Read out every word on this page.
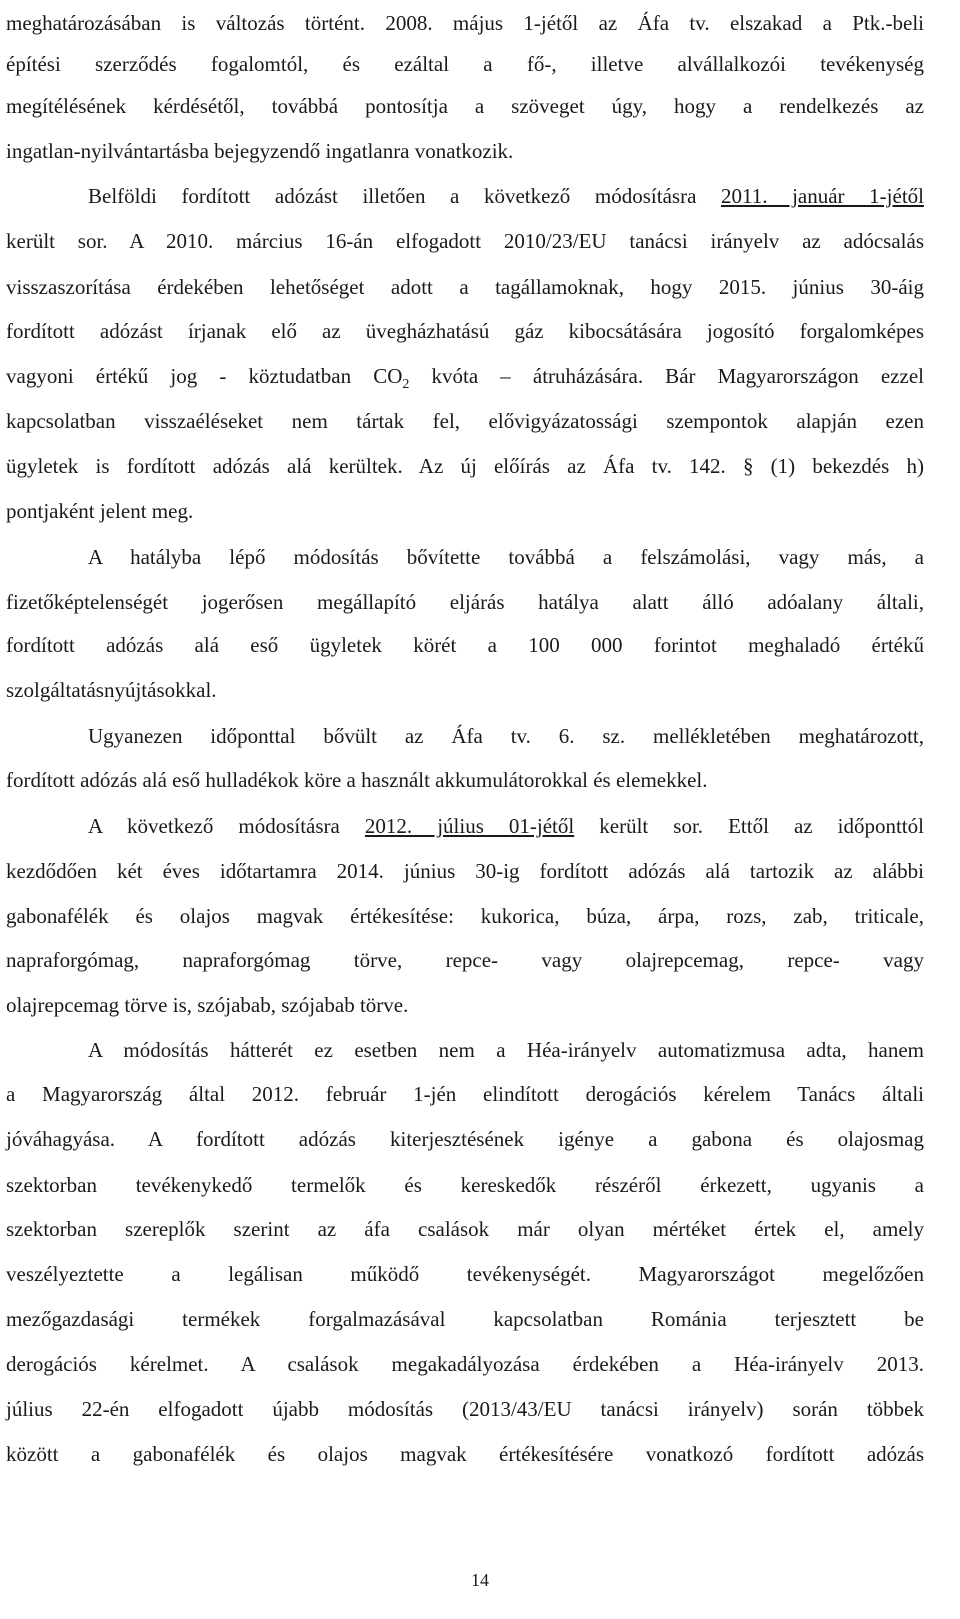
meghatározásában is változás történt. 2008. május 1-jétől az Áfa tv. elszakad a Ptk.-beli
építési szerződés fogalomtól, és ezáltal a fő-, illetve alvállalkozói tevékenység
megítélésének kérdésétől, továbbá pontosítja a szöveget úgy, hogy a rendelkezés az
ingatlan-nyilvántartásba bejegyzendő ingatlanra vonatkozik.
Belföldi fordított adózást illetően a következő módosításra 2011. január 1-jétől
került sor. A 2010. március 16-án elfogadott 2010/23/EU tanácsi irányelv az adócsalás
visszaszorítása érdekében lehetőséget adott a tagállamoknak, hogy 2015. június 30-áig
fordított adózást írjanak elő az üvegházhatású gáz kibocsátására jogosító forgalomképes
vagyoni értékű jog - köztudatban $CO_2$ kvóta – átruházására. Bár Magyarországon ezzel
kapcsolatban visszaéléseket nem tártak fel, elővigyázatossági szempontok alapján ezen
ügyletek is fordított adózás alá kerültek. Az új előírás az Áfa tv. 142. § (1) bekezdés h)
pontjaként jelent meg.
A hatályba lépő módosítás bővítette továbbá a felszámolási, vagy más, a
fizetőképtelenségét jogerősen megállapító eljárás hatálya alatt álló adóalany általi,
fordított adózás alá eső ügyletek körét a 100 000 forintot meghaladó értékű
szolgáltatásnyújtásokkal.
Ugyanezen időponttal bővült az Áfa tv. 6. sz. mellékletében meghatározott,
fordított adózás alá eső hulladékok köre a használt akkumulátorokkal és elemekkel.
A következő módosításra 2012. július 01-jétől került sor. Ettől az időponttól
kezdődően két éves időtartamra 2014. június 30-ig fordított adózás alá tartozik az alábbi
gabonafélék és olajos magvak értékesítése: kukorica, búza, árpa, rozs, zab, triticale,
napraforgómag, napraforgómag törve, repce- vagy olajrepcemag, repce- vagy
olajrepcemag törve is, szójabab, szójabab törve.
A módosítás hátterét ez esetben nem a Héa-irányelv automatizmusa adta, hanem
a Magyarország által 2012. február 1-jén elindított derogációs kérelem Tanács általi
jóváhagyása. A fordított adózás kiterjesztésének igénye a gabona és olajosmag
szektorban tevékenykedő termelők és kereskedők részéről érkezett, ugyanis a
szektorban szereplők szerint az áfa csalások már olyan mértéket értek el, amely
veszélyeztette a legálisan működő tevékenységét. Magyarországot megelőzően
mezőgazdasági termékek forgalmazásával kapcsolatban Románia terjesztett be
derogációs kérelmet. A csalások megakadályozása érdekében a Héa-irányelv 2013.
július 22-én elfogadott újabb módosítás (2013/43/EU tanácsi irányelv) során többek
között a gabonafélék és olajos magvak értékesítésére vonatkozó fordított adózás
14
